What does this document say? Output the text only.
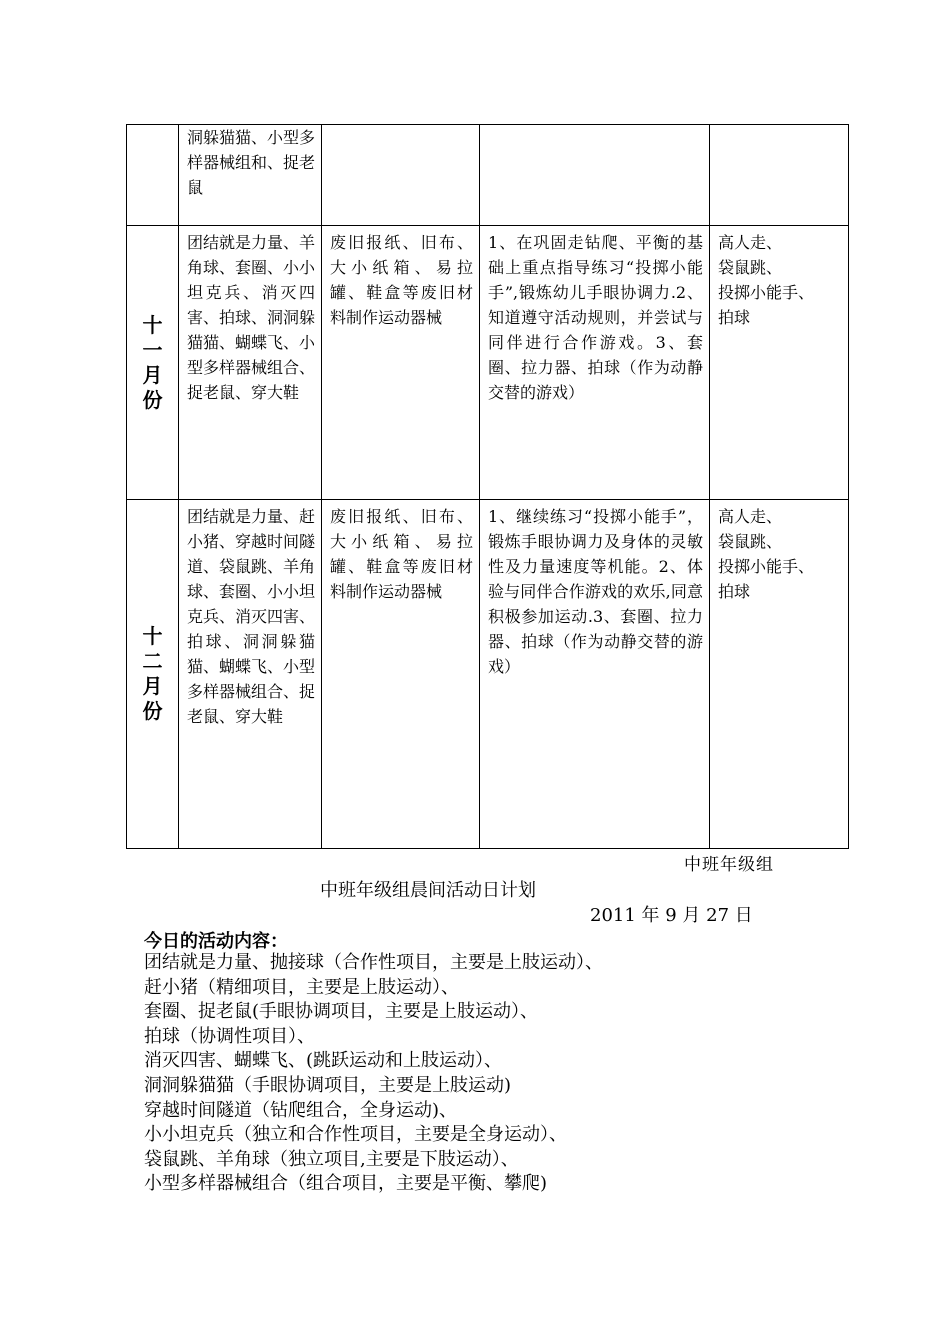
	洞躲猫猫、小型多样器械组和、捉老鼠			
十一月份	团结就是力量、羊角球、套圈、小小坦克兵、消灭四害、拍球、洞洞躲猫猫、蝴蝶飞、小型多样器械组合、捉老鼠、穿大鞋	废旧报纸、旧布、大小纸箱、易拉罐、鞋盒等废旧材料制作运动器械	1、在巩固走钻爬、平衡的基础上重点指导练习“投掷小能手”,锻炼幼儿手眼协调力.2、知道遵守活动规则，并尝试与同伴进行合作游戏。3、套圈、拉力器、拍球（作为动静交替的游戏）	高人走、
袋鼠跳、
投掷小能手、
拍球
十二月份	团结就是力量、赶小猪、穿越时间隧道、袋鼠跳、羊角球、套圈、小小坦克兵、消灭四害、拍球、洞洞躲猫猫、蝴蝶飞、小型多样器械组合、捉老鼠、穿大鞋	废旧报纸、旧布、大小纸箱、易拉罐、鞋盒等废旧材料制作运动器械	1、继续练习“投掷小能手”，锻炼手眼协调力及身体的灵敏性及力量速度等机能。2、体验与同伴合作游戏的欢乐,同意积极参加运动.3、套圈、拉力器、拍球（作为动静交替的游戏）	高人走、
袋鼠跳、
投掷小能手、
拍球
中班年级组
中班年级组晨间活动日计划
2011 年 9 月 27 日
今日的活动内容：
团结就是力量、抛接球（合作性项目，主要是上肢运动）、
赶小猪（精细项目，主要是上肢运动）、
套圈、捉老鼠(手眼协调项目，主要是上肢运动）、
拍球（协调性项目）、
消灭四害、蝴蝶飞、(跳跃运动和上肢运动）、
洞洞躲猫猫（手眼协调项目，主要是上肢运动)
穿越时间隧道（钻爬组合，全身运动)、
小小坦克兵（独立和合作性项目，主要是全身运动）、
袋鼠跳、羊角球（独立项目,主要是下肢运动）、
小型多样器械组合（组合项目，主要是平衡、攀爬)
